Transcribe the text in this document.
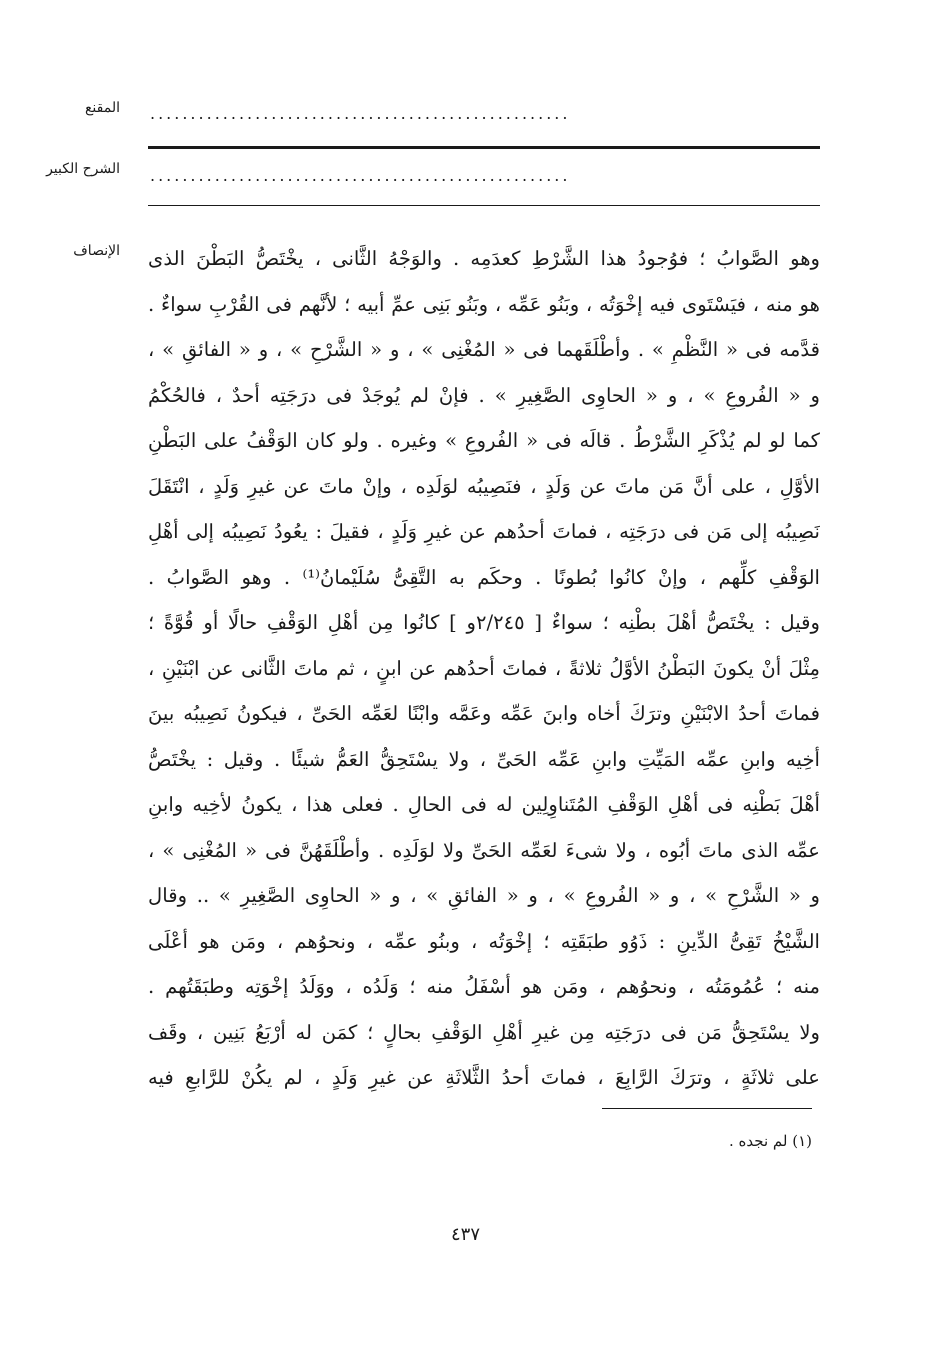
المقنع ....................................................
الشرح الكبير ....................................................
الإنصاف وهو الصَّوابُ ؛ فوُجودُ هذا الشَّرْطِ كعدَمِه . والوَجْهُ الثَّانى ، يخْتَصُّ البَطْنَ الذى
هو منه ، فيَسْتَوى فيه إخْوَتُه ، وبَنُو عَمِّه ، وبَنُو بَنِى عمِّ أبيه ؛ لأنَّهم فى القُرْبِ سواءٌ .
قدَّمه فى « النَّظْمِ » . وأطْلَقَهما فى « المُغْنِى » ، و « الشَّرْحِ » ، و « الفائقِ » ،
و « الفُروعِ » ، و « الحاوِى الصَّغِيرِ » . فإنْ لم يُوجَدْ فى درَجَتِه أحدٌ ، فالحُكْمُ
كما لو لم يُذْكَرِ الشَّرْطُ . قالَه فى « الفُروعِ » وغيره . ولو كان الوَقْفُ على البَطْنِ
الأوَّلِ ، على أنَّ مَن ماتَ عن وَلَدٍ ، فنَصِيبُه لوَلَدِه ، وإنْ ماتَ عن غيرِ وَلَدٍ ، انْتَقَلَ
نَصِيبُه إلى مَن فى درَجَتِه ، فماتَ أحدُهم عن غيرِ وَلَدٍ ، فقيلَ : يعُودُ نَصِيبُه إلى أهْلِ
الوَقْفِ كلِّهم ، وإنْ كانُوا بُطونًا . وحكَم به التَّقِىُّ سُلَيْمانُ⁽¹⁾ . وهو الصَّوابُ .
وقيل : يخْتَصُّ أهْلَ بطْنِه ؛ سواءٌ [ ٢/٢٤٥و ] كانُوا مِن أهْلِ الوَقْفِ حالًا أو قُوَّةً ؛
مِثْلَ أنْ يكونَ البَطْنُ الأوَّلُ ثلاثةً ، فماتَ أحدُهم عن ابنٍ ، ثم ماتَ الثَّانى عن ابْنَيْنِ ،
فماتَ أحدُ الابْنَيْنِ وترَكَ أخاه وابنَ عَمِّه وعَمَّه وابْنًا لعَمِّه الحَىِّ ، فيكونُ نَصِيبُه بينَ
أخِيه وابنِ عمِّه المَيِّتِ وابنِ عَمِّه الحَىِّ ، ولا يسْتَحِقُّ العَمُّ شيئًا . وقيل : يخْتَصُّ
أهْلَ بَطْنِه فى أهْلِ الوَقْفِ المُتَناوِلِين له فى الحالِ . فعلى هذا ، يكونُ لأخِيه وابنِ
عمِّه الذى ماتَ أبُوه ، ولا شىءَ لعَمِّه الحَىِّ ولا لوَلَدِه . وأطْلَقَهُنَّ فى « المُغْنِى » ،
و « الشَّرْحِ » ، و « الفُروعِ » ، و « الفائقِ » ، و « الحاوِى الصَّغِيرِ » .. وقال
الشَّيْخُ تَقِىُّ الدِّينِ : ذَوُو طبَقَتِه ؛ إخْوَتُه ، وبنُو عمِّه ، ونحوُهم ، ومَن هو أعْلَى
منه ؛ عُمُومَتُه ، ونحوُهم ، ومَن هو أسْفَلُ منه ؛ وَلَدُه ، ووَلَدُ إخْوَتِه وطبَقَتُهم .
ولا يسْتَحِقُّ مَن فى درَجَتِه مِن غيرِ أهْلِ الوَقْفِ بحالٍ ؛ كمَن له أرْبَعُ بَنِين ، وقَف
على ثلاثَةٍ ، وترَكَ الرَّابِعَ ، فماتَ أحدُ الثَّلاثَةِ عن غيرِ وَلَدٍ ، لم يكُنْ للرَّابعِ فيه
(١) لم نجده .
٤٣٧
